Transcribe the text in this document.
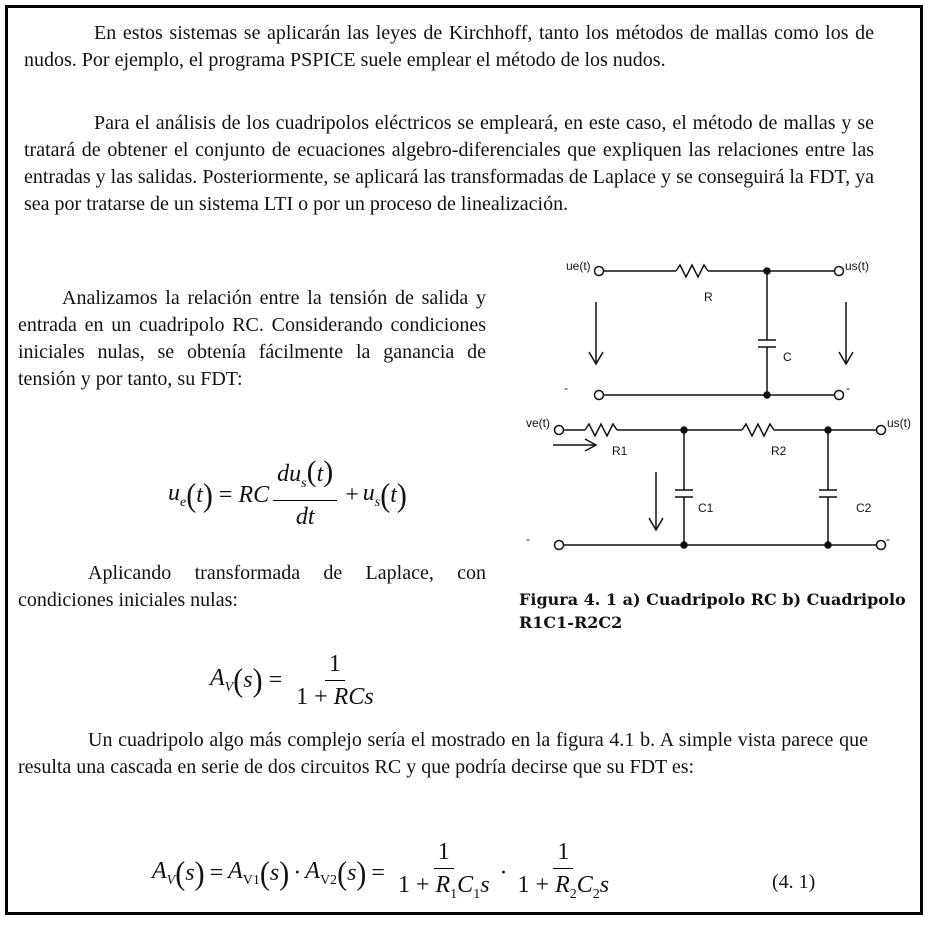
En estos sistemas se aplicarán las leyes de Kirchhoff, tanto los métodos de mallas como los de nudos. Por ejemplo, el programa PSPICE suele emplear el método de los nudos.

Para el análisis de los cuadripolos eléctricos se empleará, en este caso, el método de mallas y se tratará de obtener el conjunto de ecuaciones algebro-diferenciales que expliquen las relaciones entre las entradas y las salidas. Posteriormente, se aplicará las transformadas de Laplace y se conseguirá la FDT, ya sea por tratarse de un sistema LTI o por un proceso de linealización.

Analizamos la relación entre la tensión de salida y entrada en un cuadripolo RC. Considerando condiciones iniciales nulas, se obtenía fácilmente la ganancia de tensión y por tanto, su FDT:

$u_e$ ( t ) = RC $\frac{du_s(t)}{dt} + u_s$ ( t )

Aplicando transformada de Laplace, con condiciones iniciales nulas:

$A_V$ ( s ) = $\frac{1}{\text{1 + RCs}}$

Un cuadripolo algo más complejo sería el mostrado en la figura 4.1 b. A simple vista parece que resulta una cascada en serie de dos circuitos RC y que podría decirse que su FDT es:

$A_V$ ( s ) = $A_{V1}$ ( s ) · $A_{V2}$ ( s ) = $\frac{1}{1 + R_1C_1s} \cdot \frac{1}{1 + R_2C_2s}$	(4. 1)
ue(t)	us(t)
R
C
-	-
ve(t)	us(t)
R1	R2
C1	C2
-	-
Figura 4. 1 a) Cuadripolo RC b) Cuadripolo R1C1-R2C2
